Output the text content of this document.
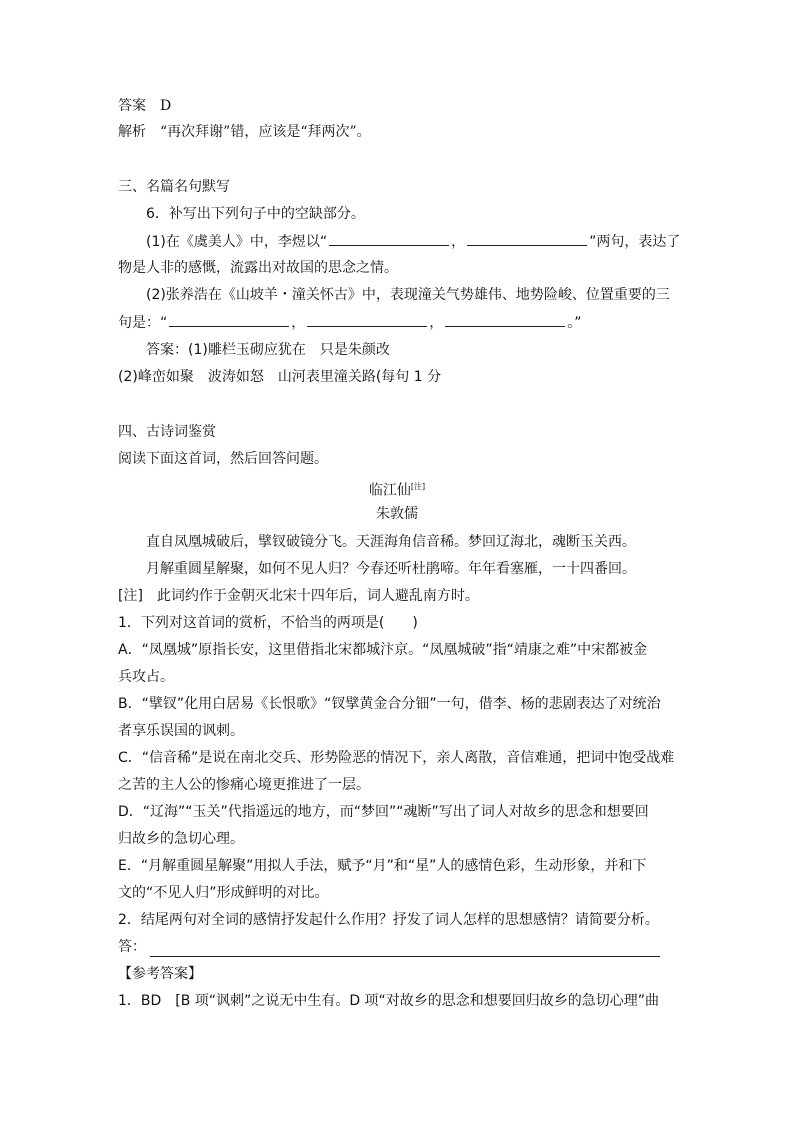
答案　D
解析　“再次拜谢”错，应该是“拜两次”。
三、名篇名句默写
6．补写出下列句子中的空缺部分。
(1)在《虞美人》中，李煜以“	，	”两句，表达了
物是人非的感慨，流露出对故国的思念之情。
(2)张养浩在《山坡羊・潼关怀古》中，表现潼关气势雄伟、地势险峻、位置重要的三
句是：“	，	，	。”
答案：(1)雕栏玉砌应犹在　只是朱颜改
(2)峰峦如聚　波涛如怒　山河表里潼关路(每句 1 分
四、古诗词鉴赏
阅读下面这首词，然后回答问题。
临江仙[注]
朱敦儒
直自凤凰城破后，擘钗破镜分飞。天涯海角信音稀。梦回辽海北，魂断玉关西。
月解重圆星解聚，如何不见人归？今春还听杜鹃啼。年年看塞雁，一十四番回。
[注]　此词约作于金朝灭北宋十四年后，词人避乱南方时。
1．下列对这首词的赏析，不恰当的两项是(　　)
A．“凤凰城”原指长安，这里借指北宋都城汴京。“凤凰城破”指“靖康之难”中宋都被金
兵攻占。
B．“擘钗”化用白居易《长恨歌》“钗擘黄金合分钿”一句，借李、杨的悲剧表达了对统治
者享乐误国的讽刺。
C．“信音稀”是说在南北交兵、形势险恶的情况下，亲人离散，音信难通，把词中饱受战难
之苦的主人公的惨痛心境更推进了一层。
D．“辽海”“玉关”代指遥远的地方，而“梦回”“魂断”写出了词人对故乡的思念和想要回
归故乡的急切心理。
E．“月解重圆星解聚”用拟人手法，赋予“月”和“星”人的感情色彩，生动形象，并和下
文的“不见人归”形成鲜明的对比。
2．结尾两句对全词的感情抒发起什么作用？抒发了词人怎样的思想感情？请简要分析。
答：
【参考答案】
1．BD　[B 项“讽刺”之说无中生有。D 项“对故乡的思念和想要回归故乡的急切心理”曲
